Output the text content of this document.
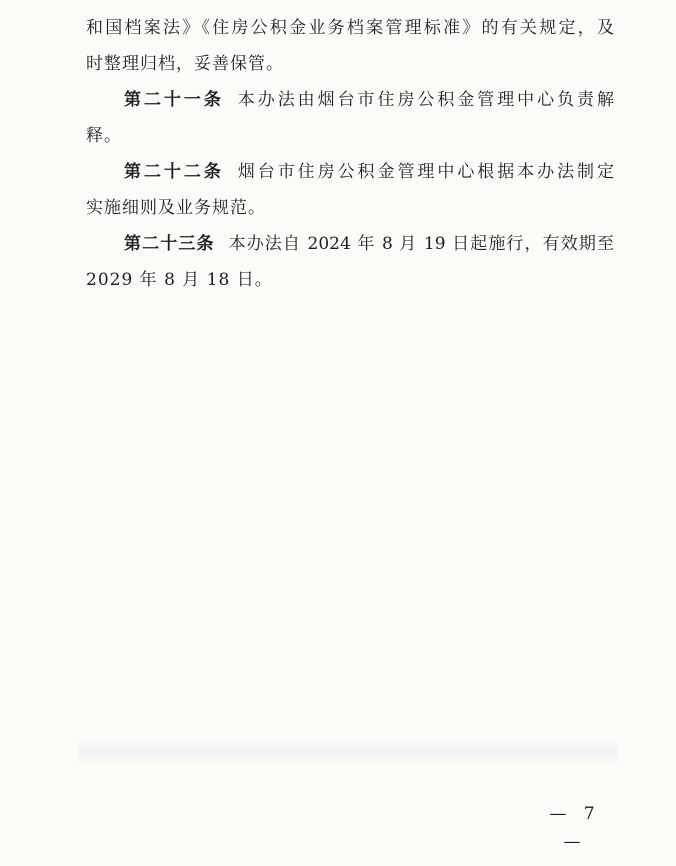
和国档案法》《住房公积金业务档案管理标准》的有关规定，及
时整理归档，妥善保管。
第二十一条 本办法由烟台市住房公积金管理中心负责解
释。
第二十二条 烟台市住房公积金管理中心根据本办法制定
实施细则及业务规范。
第二十三条 本办法自 2024 年 8 月 19 日起施行，有效期至
2029 年 8 月 18 日。
— 7 —
